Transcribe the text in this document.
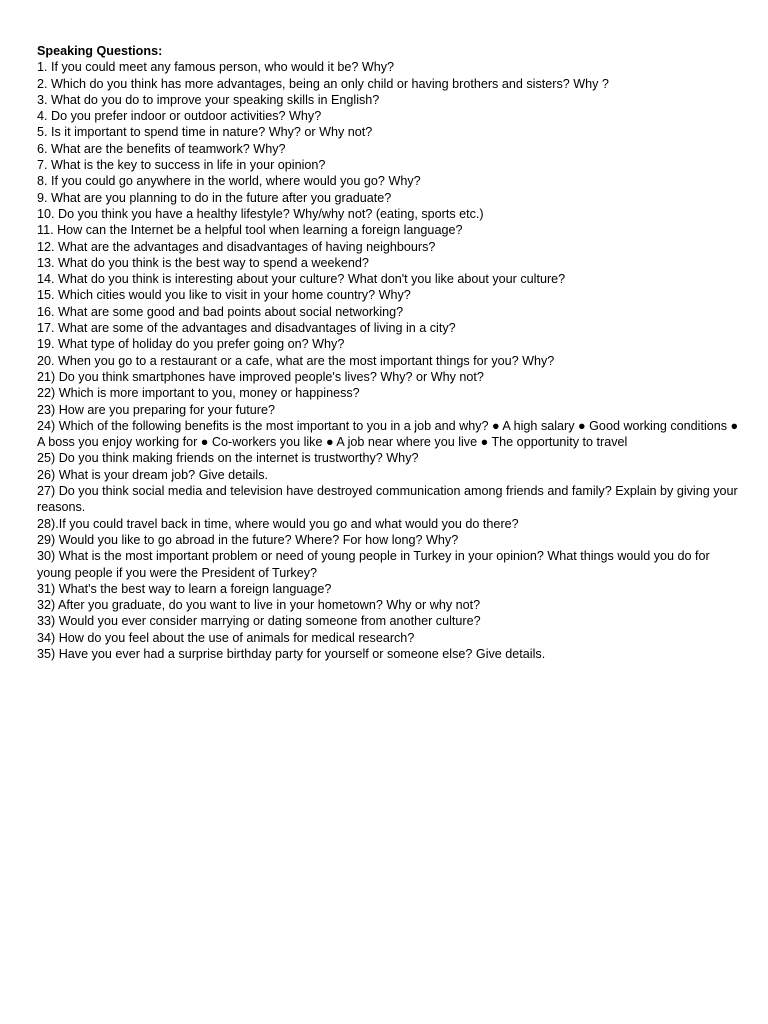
Speaking Questions:
1. If you could meet any famous person, who would it be? Why?
2. Which do you think has more advantages, being an only child or having brothers and sisters? Why ?
3. What do you do to improve your speaking skills in English?
4. Do you prefer indoor or outdoor activities? Why?
5. Is it important to spend time in nature? Why? or Why not?
6. What are the benefits of teamwork? Why?
7. What is the key to success in life in your opinion?
8. If you could go anywhere in the world, where would you go? Why?
9. What are you planning to do in the future after you graduate?
10. Do you think you have a healthy lifestyle? Why/why not? (eating, sports etc.)
11. How can the Internet be a helpful tool when learning a foreign language?
12. What are the advantages and disadvantages of having neighbours?
13. What do you think is the best way to spend a weekend?
14. What do you think is interesting about your culture? What don't you like about your culture?
15. Which cities would you like to visit in your home country? Why?
16. What are some good and bad points about social networking?
17. What are some of the advantages and disadvantages of living in a city?
19. What type of holiday do you prefer going on? Why?
20. When you go to a restaurant or a cafe, what are the most important things for you? Why?
21) Do you think smartphones have improved people's lives? Why? or Why not?
22) Which is more important to you, money or happiness?
23) How are you preparing for your future?
24) Which of the following benefits is the most important to you in a job and why? ● A high salary ● Good working conditions ● A boss you enjoy working for ● Co-workers you like ● A job near where you live ● The opportunity to travel
25) Do you think making friends on the internet is trustworthy? Why?
26) What is your dream job? Give details.
27) Do you think social media and television have destroyed communication among friends and family? Explain by giving your reasons.
28).If you could travel back in time, where would you go and what would you do there?
29) Would you like to go abroad in the future? Where? For how long? Why?
30) What is the most important problem or need of young people in Turkey in your opinion? What things would you do for young people if you were the President of Turkey?
31) What's the best way to learn a foreign language?
32) After you graduate, do you want to live in your hometown? Why or why not?
33) Would you ever consider marrying or dating someone from another culture?
34) How do you feel about the use of animals for medical research?
35) Have you ever had a surprise birthday party for yourself or someone else? Give details.
